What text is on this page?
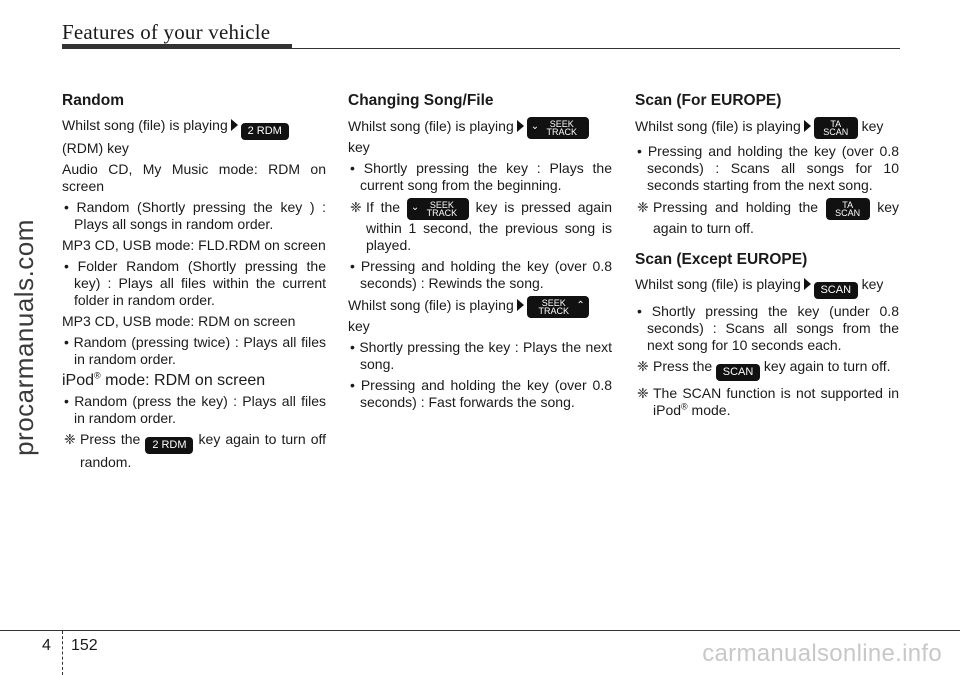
Features of your vehicle
procarmanuals.com
Random
Whilst song (file) is playing 2 RDM
(RDM) key
Audio CD, My Music mode: RDM on screen
• Random (Shortly pressing the key ) : Plays all songs in random order.
MP3 CD, USB mode: FLD.RDM on screen
• Folder Random (Shortly pressing the key) : Plays all files within the current folder in random order.
MP3 CD, USB mode: RDM on screen
• Random (pressing twice) : Plays all files in random order.
iPod® mode: RDM on screen
• Random (press the key) : Plays all files in random order.
❈ Press the 2 RDM key again to turn off random.
Changing Song/File
Whilst song (file) is playing ⌄	SEEK
TRACK

key
• Shortly pressing the key : Plays the current song from the beginning.
❈ If the ⌄	SEEK
TRACK	key is pressed again within 1 second, the previous song is played.
• Pressing and holding the key (over 0.8 seconds) : Rewinds the song.
Whilst song (file) is playing	⌃
SEEK
TRACK

key
• Shortly pressing the key : Plays the next song.
• Pressing and holding the key (over 0.8 seconds) : Fast forwards the song.
Scan (For EUROPE)
Whilst song (file) is playing	TA
SCAN key
• Pressing and holding the key (over 0.8 seconds) : Scans all songs for 10 seconds starting from the next song.
❈ Pressing and holding the	TA
SCAN	key again to turn off.
Scan (Except EUROPE)
Whilst song (file) is playing SCAN key
• Shortly pressing the key (under 0.8 seconds) : Scans all songs from the next song for 10 seconds each.
❈ Press the SCAN key again to turn off.
❈ The SCAN function is not supported in iPod® mode.
4 152	carmanualsonline.info
